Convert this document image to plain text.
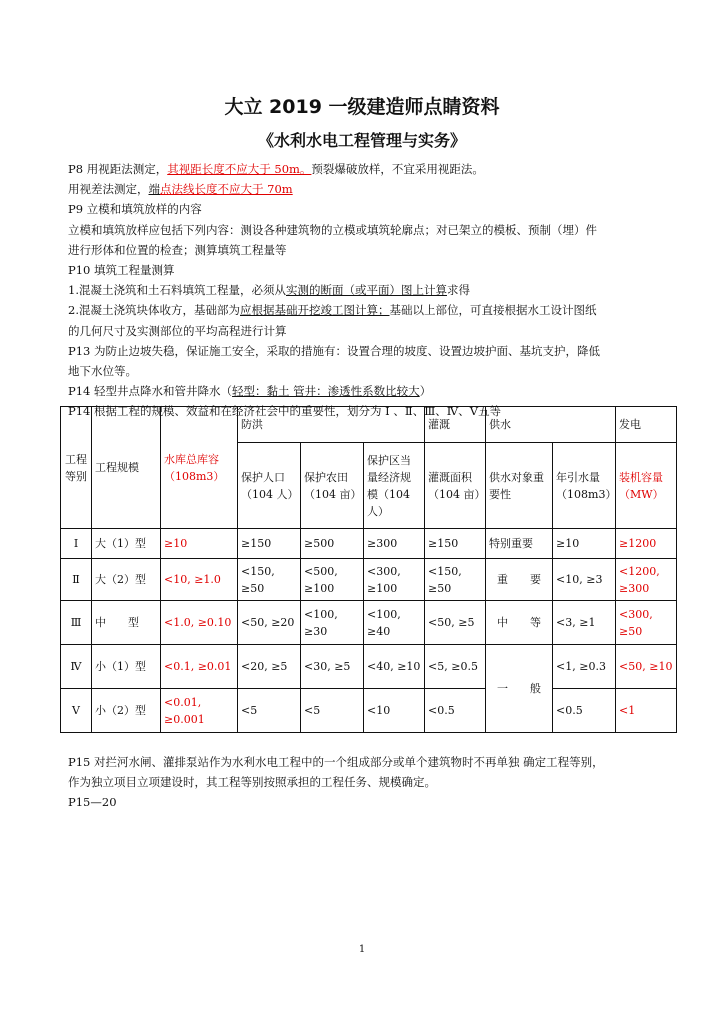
大立 2019 一级建造师点睛资料
《水利水电工程管理与实务》

P8 用视距法测定，其视距长度不应大于 50m。预裂爆破放样，不宜采用视距法。

用视差法测定，端点法线长度不应大于 70m

P9 立模和填筑放样的内容

立模和填筑放样应包括下列内容：测设各种建筑物的立模或填筑轮廓点；对已架立的模板、预制（埋）件

进行形体和位置的检查；测算填筑工程量等

P10 填筑工程量测算

1.混凝土浇筑和土石料填筑工程量，必须从实测的断面（或平面）图上计算求得

2.混凝土浇筑块体收方，基础部为应根据基础开挖竣工图计算；基础以上部位，可直接根据水工设计图纸

的几何尺寸及实测部位的平均高程进行计算

P13 为防止边坡失稳，保证施工安全，采取的措施有：设置合理的坡度、设置边坡护面、基坑支护，降低

地下水位等。

P14 轻型井点降水和管井降水（轻型：黏土 管井：渗透性系数比较大）

P14 根据工程的规模、效益和在经济社会中的重要性，划分为 Ⅰ 、Ⅱ、Ⅲ、Ⅳ、Ⅴ五等

工程等别	工程规模	水库总库容（108m3）	防洪			灌溉	供水		发电
			保护人口（104 人）	保护农田（104 亩）	保护区当量经济规模（104 人）	灌溉面积（104 亩）	供水对象重要性	年引水量（108m3）	装机容量（MW）
Ⅰ	大（1）型	≥10	≥150	≥500	≥300	≥150	特别重要	≥10	≥1200
Ⅱ	大（2）型	<10, ≥1.0	<150, ≥50	<500, ≥100	<300, ≥100	<150, ≥50	重　　要	<10, ≥3	<1200, ≥300
Ⅲ	中　　型	<1.0, ≥0.10	<50, ≥20	<100, ≥30	<100, ≥40	<50, ≥5	中　　等	<3, ≥1	<300, ≥50
Ⅳ	小（1）型	<0.1, ≥0.01	<20, ≥5	<30, ≥5	<40, ≥10	<5, ≥0.5	一　　般	<1, ≥0.3	<50, ≥10
Ⅴ	小（2）型	<0.01, ≥0.001	<5	<5	<10	<0.5		<0.5	<1

P15 对拦河水闸、灌排泵站作为水利水电工程中的一个组成部分或单个建筑物时不再单独 确定工程等别，

作为独立项目立项建设时，其工程等别按照承担的工程任务、规模确定。

P15—20

1
